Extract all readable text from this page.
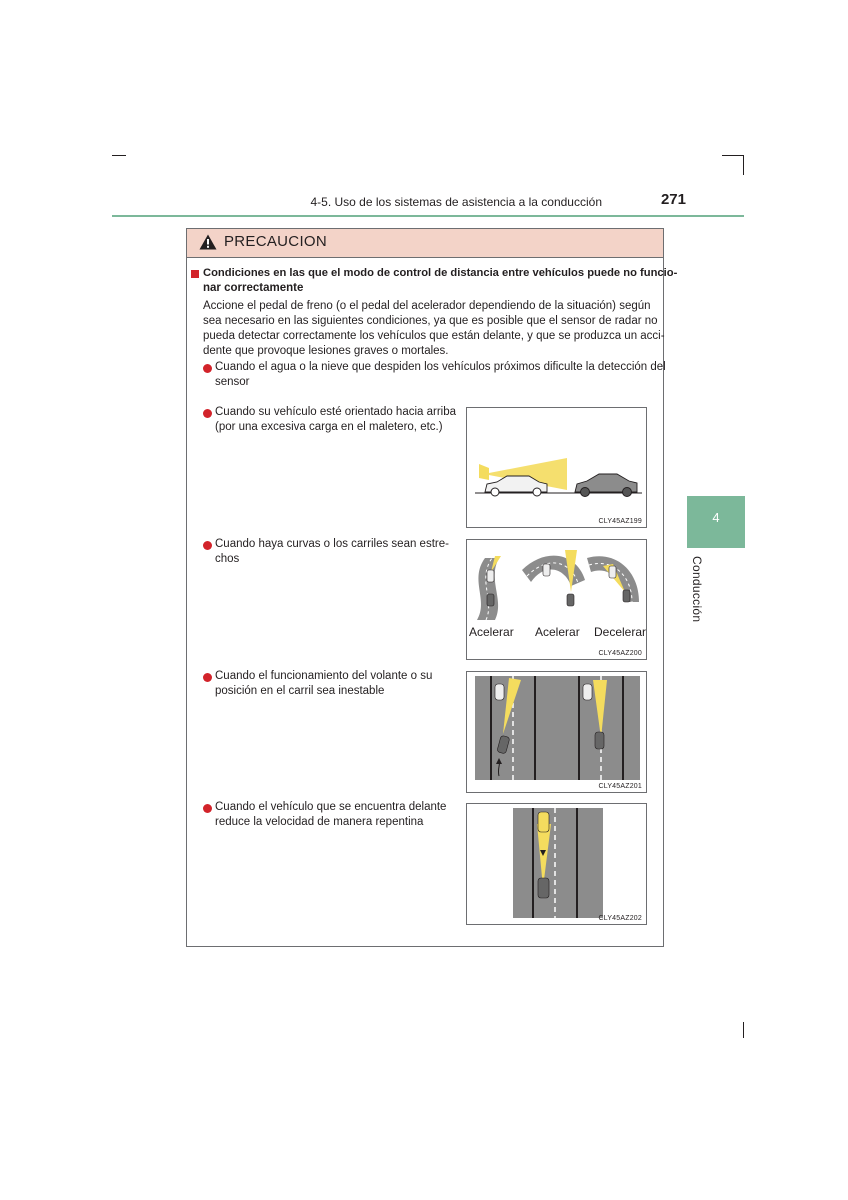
4-5. Uso de los sistemas de asistencia a la conducción	271
4
Conducción
PRECAUCION
Condiciones en las que el modo de control de distancia entre vehículos puede no funcio-
nar correctamente
Accione el pedal de freno (o el pedal del acelerador dependiendo de la situación) según
sea necesario en las siguientes condiciones, ya que es posible que el sensor de radar no
pueda detectar correctamente los vehículos que están delante, y que se produzca un acci-
dente que provoque lesiones graves o mortales.
Cuando el agua o la nieve que despiden los vehículos próximos dificulte la detección del
sensor
Cuando su vehículo esté orientado hacia arriba
(por una excesiva carga en el maletero, etc.)
Cuando haya curvas o los carriles sean estre-
chos
Cuando el funcionamiento del volante o su
posición en el carril sea inestable
Cuando el vehículo que se encuentra delante
reduce la velocidad de manera repentina
CLY45AZ199
Acelerar Acelerar Decelerar
CLY45AZ200
CLY45AZ201
CLY45AZ202
